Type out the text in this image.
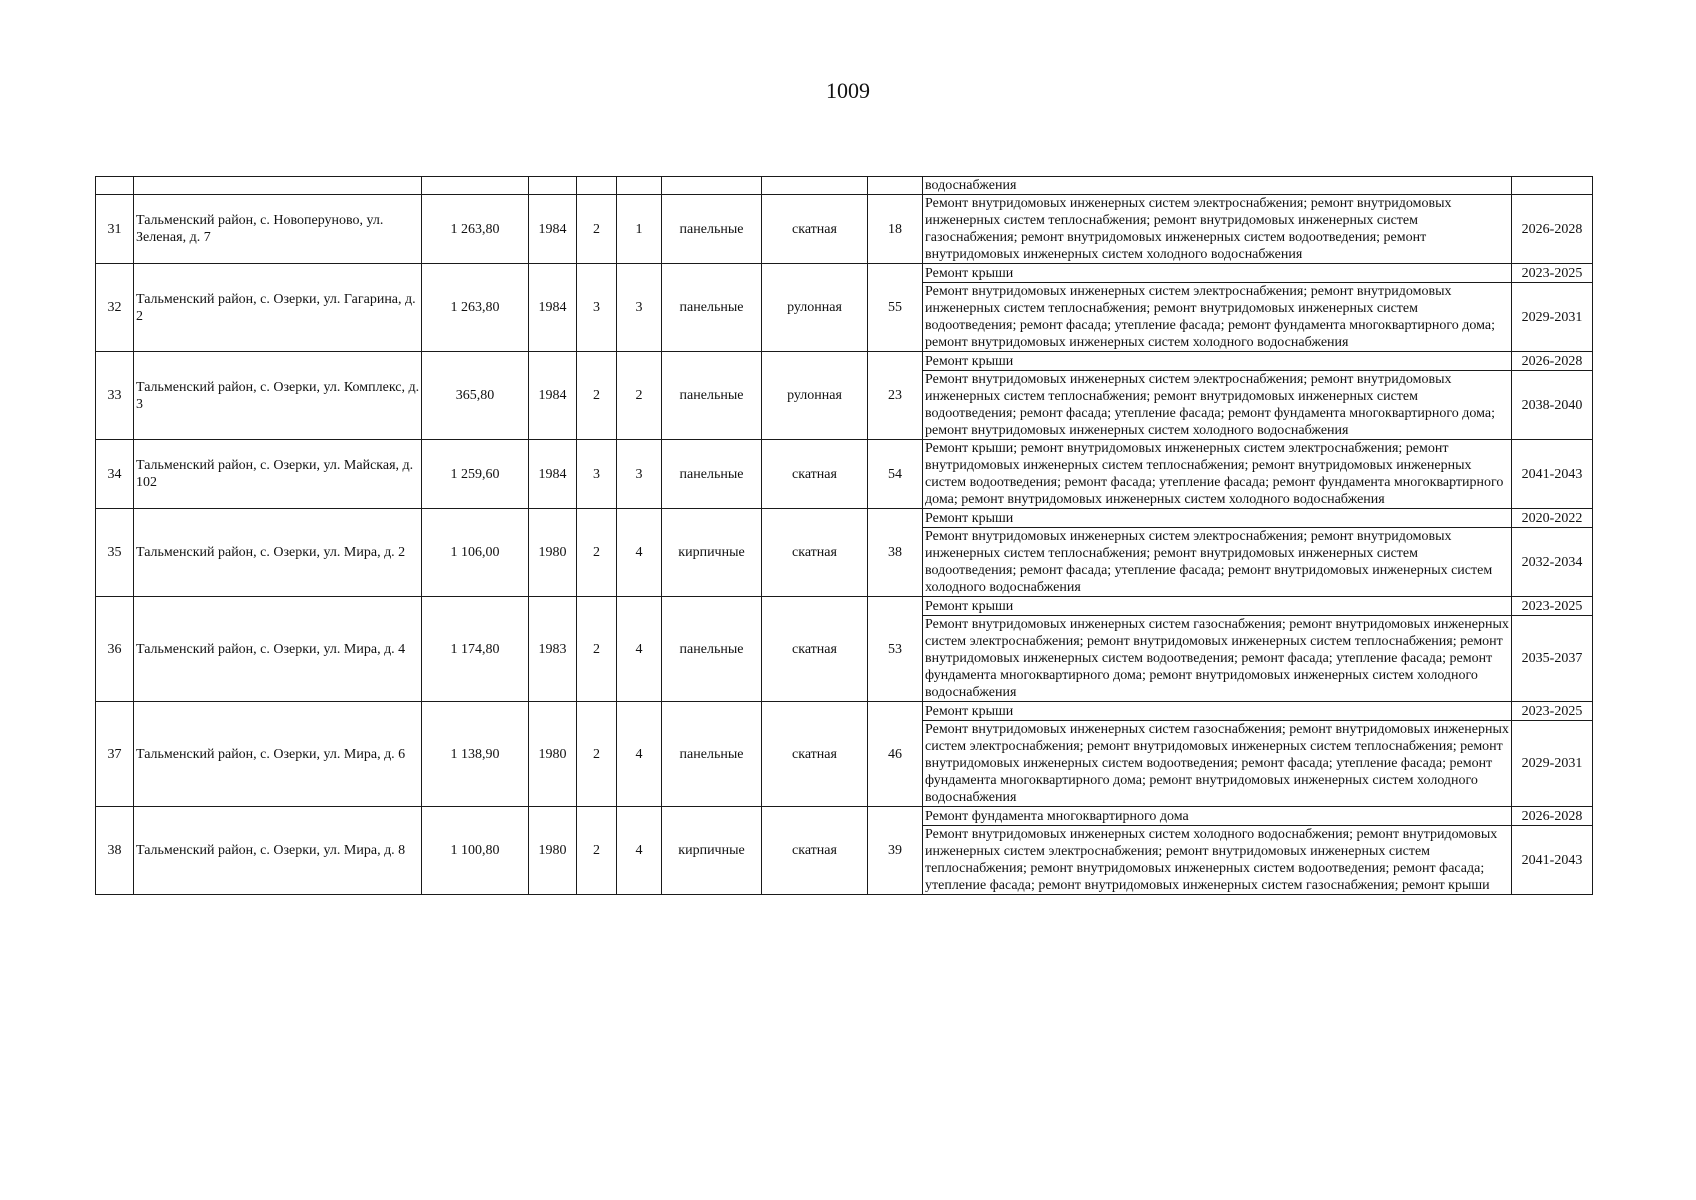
1009
									водоснабжения	
31	Тальменский район, с. Новоперуново, ул. Зеленая, д. 7	1 263,80	1984	2	1	панельные	скатная	18	Ремонт внутридомовых инженерных систем электроснабжения; ремонт внутридомовых инженерных систем теплоснабжения; ремонт внутридомовых инженерных систем газоснабжения; ремонт внутридомовых инженерных систем водоотведения; ремонт внутридомовых инженерных систем холодного водоснабжения	2026-2028
32	Тальменский район, с. Озерки, ул. Гагарина, д. 2	1 263,80	1984	3	3	панельные	рулонная	55	Ремонт крыши	2023-2025
									Ремонт внутридомовых инженерных систем электроснабжения; ремонт внутридомовых инженерных систем теплоснабжения; ремонт внутридомовых инженерных систем водоотведения; ремонт фасада; утепление фасада; ремонт фундамента многоквартирного дома; ремонт внутридомовых инженерных систем холодного водоснабжения	2029-2031
33	Тальменский район, с. Озерки, ул. Комплекс, д. 3	365,80	1984	2	2	панельные	рулонная	23	Ремонт крыши	2026-2028
									Ремонт внутридомовых инженерных систем электроснабжения; ремонт внутридомовых инженерных систем теплоснабжения; ремонт внутридомовых инженерных систем водоотведения; ремонт фасада; утепление фасада; ремонт фундамента многоквартирного дома; ремонт внутридомовых инженерных систем холодного водоснабжения	2038-2040
34	Тальменский район, с. Озерки, ул. Майская, д. 102	1 259,60	1984	3	3	панельные	скатная	54	Ремонт крыши; ремонт внутридомовых инженерных систем электроснабжения; ремонт внутридомовых инженерных систем теплоснабжения; ремонт внутридомовых инженерных систем водоотведения; ремонт фасада; утепление фасада; ремонт фундамента многоквартирного дома; ремонт внутридомовых инженерных систем холодного водоснабжения	2041-2043
35	Тальменский район, с. Озерки, ул. Мира, д. 2	1 106,00	1980	2	4	кирпичные	скатная	38	Ремонт крыши	2020-2022
									Ремонт внутридомовых инженерных систем электроснабжения; ремонт внутридомовых инженерных систем теплоснабжения; ремонт внутридомовых инженерных систем водоотведения; ремонт фасада; утепление фасада; ремонт внутридомовых инженерных систем холодного водоснабжения	2032-2034
36	Тальменский район, с. Озерки, ул. Мира, д. 4	1 174,80	1983	2	4	панельные	скатная	53	Ремонт крыши	2023-2025
									Ремонт внутридомовых инженерных систем газоснабжения; ремонт внутридомовых инженерных систем электроснабжения; ремонт внутридомовых инженерных систем теплоснабжения; ремонт внутридомовых инженерных систем водоотведения; ремонт фасада; утепление фасада; ремонт фундамента многоквартирного дома; ремонт внутридомовых инженерных систем холодного водоснабжения	2035-2037
37	Тальменский район, с. Озерки, ул. Мира, д. 6	1 138,90	1980	2	4	панельные	скатная	46	Ремонт крыши	2023-2025
									Ремонт внутридомовых инженерных систем газоснабжения; ремонт внутридомовых инженерных систем электроснабжения; ремонт внутридомовых инженерных систем теплоснабжения; ремонт внутридомовых инженерных систем водоотведения; ремонт фасада; утепление фасада; ремонт фундамента многоквартирного дома; ремонт внутридомовых инженерных систем холодного водоснабжения	2029-2031
38	Тальменский район, с. Озерки, ул. Мира, д. 8	1 100,80	1980	2	4	кирпичные	скатная	39	Ремонт фундамента многоквартирного дома	2026-2028
									Ремонт внутридомовых инженерных систем холодного водоснабжения; ремонт внутридомовых инженерных систем электроснабжения; ремонт внутридомовых инженерных систем теплоснабжения; ремонт внутридомовых инженерных систем водоотведения; ремонт фасада; утепление фасада; ремонт внутридомовых инженерных систем газоснабжения; ремонт крыши	2041-2043
